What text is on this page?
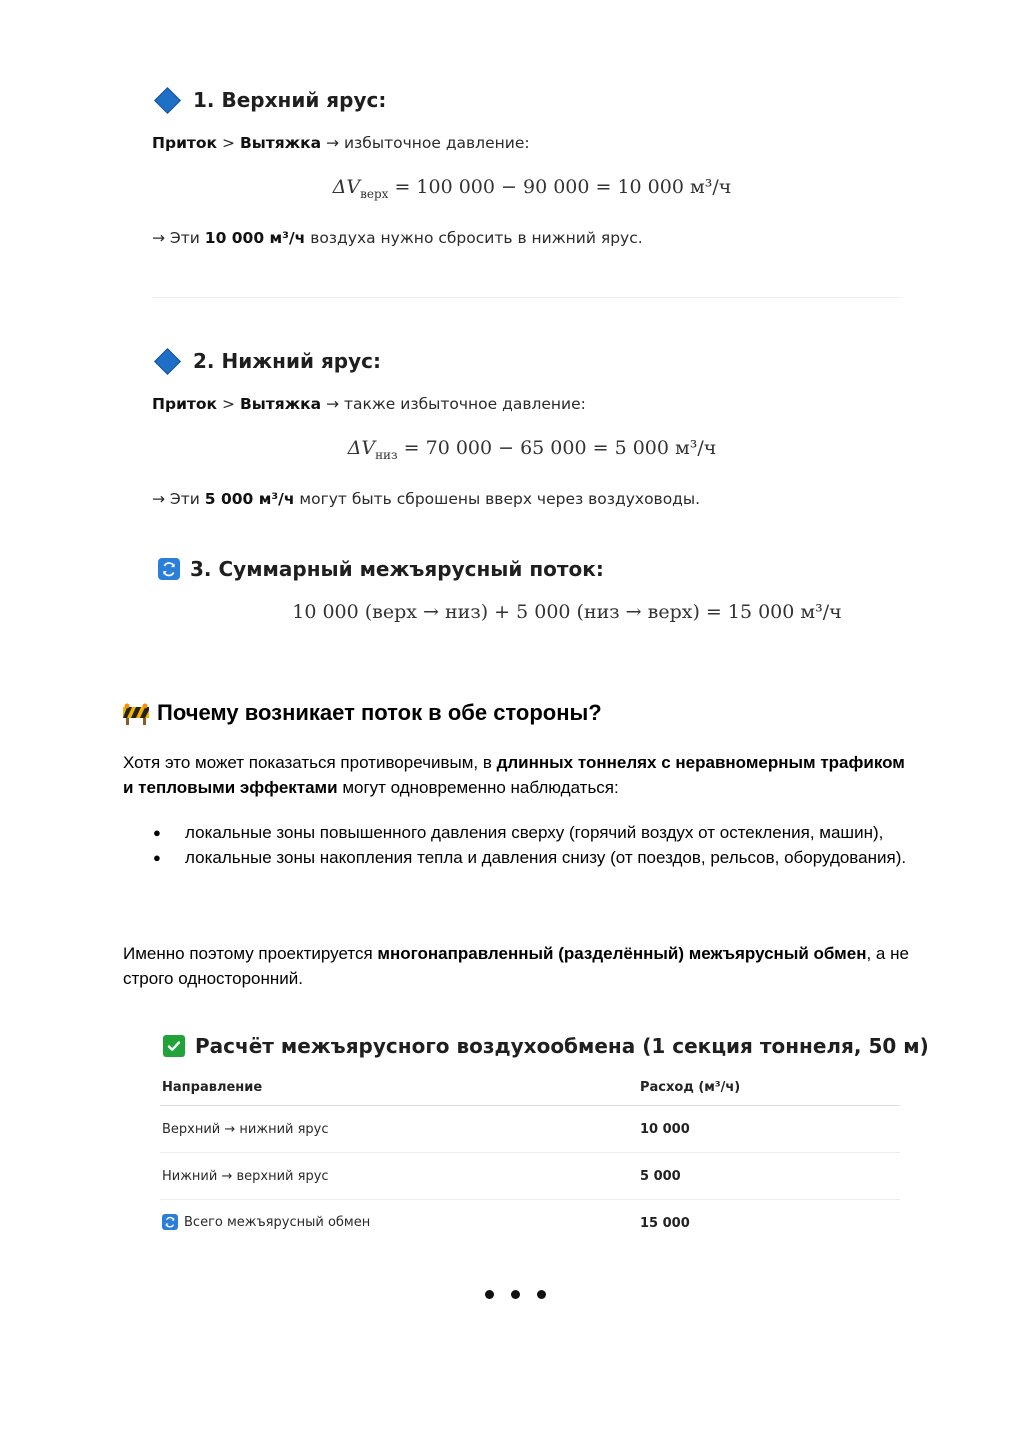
1. Верхний ярус:
Приток > Вытяжка → избыточное давление:
$\Delta V_{верх} = 100$ 000 − 90 000 = 10 000 м³/ч
→ Эти 10 000 м³/ч воздуха нужно сбросить в нижний ярус.
2. Нижний ярус:
Приток > Вытяжка → также избыточное давление:
$\Delta V_{низ} = 70$ 000 − 65 000 = 5 000 м³/ч
→ Эти 5 000 м³/ч могут быть сброшены вверх через воздуховоды.
3. Суммарный межъярусный поток:
10 000 (верх → низ) + 5 000 (низ → верх) = 15 000 м³/ч
Почему возникает поток в обе стороны?
Хотя это может показаться противоречивым, в длинных тоннелях с неравномерным трафиком и тепловыми эффектами могут одновременно наблюдаться:
● локальные зоны повышенного давления сверху (горячий воздух от остекления, машин),
● локальные зоны накопления тепла и давления снизу (от поездов, рельсов, оборудования).
Именно поэтому проектируется многонаправленный (разделённый) межъярусный обмен, а не строго односторонний.
Расчёт межъярусного воздухообмена (1 секция тоннеля, 50 м)
Направление	Расход (м³/ч)
Верхний → нижний ярус	10 000
Нижний → верхний ярус	5 000

Всего межъярусный обмен	15 000
